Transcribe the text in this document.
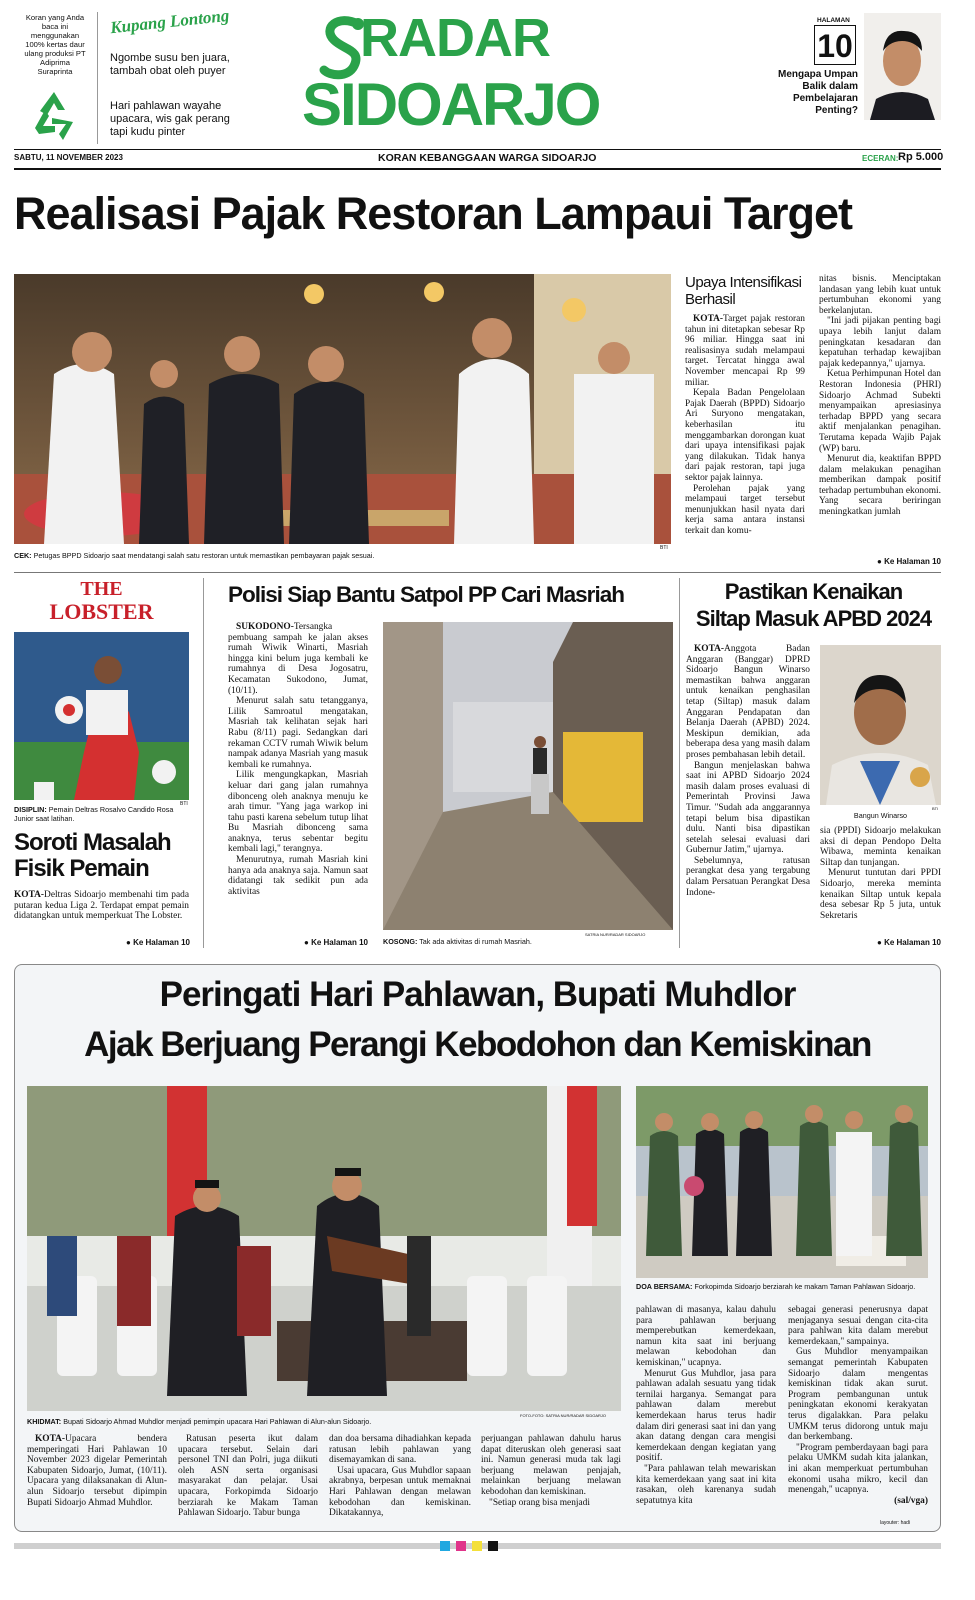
Koran yang Anda baca ini menggunakan 100% kertas daur ulang produksi PT Adiprima Suraprinta
Kupang Lontong
Ngombe susu ben juara, tambah obat oleh puyer
Hari pahlawan wayahe upacara, wis gak perang tapi kudu pinter
RADAR
SIDOARJO
HALAMAN
10
Mengapa Umpan Balik dalam Pembelajaran Penting?
SABTU, 11 NOVEMBER 2023	KORAN KEBANGGAAN WARGA SIDOARJO	ECERAN: Rp 5.000
Realisasi Pajak Restoran Lampaui Target
CEK: Petugas BPPD Sidoarjo saat mendatangi salah satu restoran untuk memastikan pembayaran pajak sesuai.
BTI
Upaya Intensifikasi Berhasil

KOTA-Target pajak restoran tahun ini ditetapkan sebesar Rp 96 miliar. Hingga saat ini realisasinya sudah melampaui target. Tercatat hingga awal November mencapai Rp 99 miliar.

Kepala Badan Pengelolaan Pajak Daerah (BPPD) Sidoarjo Ari Suryono mengatakan, keberhasilan itu menggambarkan dorongan kuat dari upaya intensifikasi pajak yang dilakukan. Tidak hanya dari pajak restoran, tapi juga sektor pajak lainnya.

Perolehan pajak yang melampaui target tersebut menunjukkan hasil nyata dari kerja sama antara instansi terkait dan komu-

nitas bisnis. Menciptakan landasan yang lebih kuat untuk pertumbuhan ekonomi yang berkelanjutan.

"Ini jadi pijakan penting bagi upaya lebih lanjut dalam peningkatan kesadaran dan kepatuhan terhadap kewajiban pajak kedepannya," ujarnya.

Ketua Perhimpunan Hotel dan Restoran Indonesia (PHRI) Sidoarjo Achmad Subekti menyampaikan apresiasinya terhadap BPPD yang secara aktif menjalankan penagihan. Terutama kepada Wajib Pajak (WP) baru.

Menurut dia, keaktifan BPPD dalam melakukan penagihan memberikan dampak positif terhadap pertumbuhan ekonomi. Yang secara beriringan meningkatkan jumlah

● Ke Halaman 10
THE
LOBSTER
DISIPLIN: Pemain Deltras Rosalvo Candido Rosa Junior saat latihan.
BTI
Soroti Masalah Fisik Pemain

KOTA-Deltras Sidoarjo membenahi tim pada putaran kedua Liga 2. Terdapat empat pemain didatangkan untuk memperkuat The Lobster.

● Ke Halaman 10
Polisi Siap Bantu Satpol PP Cari Masriah

SUKODONO-Tersangka pembuang sampah ke jalan akses rumah Wiwik Winarti, Masriah hingga kini belum juga kembali ke rumahnya di Desa Jogosatru, Kecamatan Sukodono, Jumat, (10/11).

Menurut salah satu tetangganya, Lilik Samroatul mengatakan, Masriah tak kelihatan sejak hari Rabu (8/11) pagi. Sedangkan dari rekaman CCTV rumah Wiwik belum nampak adanya Masriah yang masuk kembali ke rumahnya.

Lilik mengungkapkan, Masriah keluar dari gang jalan rumahnya dibonceng oleh anaknya menuju ke arah timur. "Yang jaga warkop ini tahu pasti karena sebelum tutup lihat Bu Masriah dibonceng sama anaknya, terus sebentar begitu kembali lagi," terangnya.

Menurutnya, rumah Masriah kini hanya ada anaknya saja. Namun saat didatangi tak sedikit pun ada aktivitas

● Ke Halaman 10 KOSONG: Tak ada aktivitas di rumah Masriah.
SATRIA NUR/RADAR SIDOARJO
Pastikan Kenaikan
Siltap Masuk APBD 2024

KOTA-Anggota Badan Anggaran (Banggar) DPRD Sidoarjo Bangun Winarso memastikan bahwa anggaran untuk kenaikan penghasilan tetap (Siltap) masuk dalam Anggaran Pendapatan dan Belanja Daerah (APBD) 2024. Meskipun demikian, ada beberapa desa yang masih dalam proses pembahasan lebih detail.

Bangun menjelaskan bahwa saat ini APBD Sidoarjo 2024 masih dalam proses evaluasi di Pemerintah Provinsi Jawa Timur. "Sudah ada anggarannya tetapi belum bisa dipastikan dulu. Nanti bisa dipastikan setelah selesai evaluasi dari Gubernur Jatim," ujarnya.

Sebelumnya, ratusan perangkat desa yang tergabung dalam Persatuan Perangkat Desa Indone-

Bangun Winarso
BTI

sia (PPDI) Sidoarjo melakukan aksi di depan Pendopo Delta Wibawa, meminta kenaikan Siltap dan tunjangan.

Menurut tuntutan dari PPDI Sidoarjo, mereka meminta kenaikan Siltap untuk kepala desa sebesar Rp 5 juta, untuk Sekretaris

● Ke Halaman 10
Peringati Hari Pahlawan, Bupati Muhdlor
Ajak Berjuang Perangi Kebodohon dan Kemiskinan
KHIDMAT: Bupati Sidoarjo Ahmad Muhdlor menjadi pemimpin upacara Hari Pahlawan di Alun-alun Sidoarjo.
FOTO-FOTO: SATRIA NUR/RADAR SIDOARJO
DOA BERSAMA: Forkopimda Sidoarjo berziarah ke makam Taman Pahlawan Sidoarjo.

KOTA-Upacara bendera memperingati Hari Pahlawan 10 November 2023 digelar Pemerintah Kabupaten Sidoarjo, Jumat, (10/11). Upacara yang dilaksanakan di Alun-alun Sidoarjo tersebut dipimpin Bupati Sidoarjo Ahmad Muhdlor.

Ratusan peserta ikut dalam upacara tersebut. Selain dari personel TNI dan Polri, juga diikuti oleh ASN serta organisasi masyarakat dan pelajar. Usai upacara, Forkopimda Sidoarjo berziarah ke Makam Taman Pahlawan Sidoarjo. Tabur bunga

dan doa bersama dihadiahkan kepada ratusan lebih pahlawan yang disemayamkan di sana.

Usai upacara, Gus Muhdlor sapaan akrabnya, berpesan untuk memaknai Hari Pahlawan dengan melawan kebodohan dan kemiskinan. Dikatakannya,

perjuangan pahlawan dahulu harus dapat diteruskan oleh generasi saat ini. Namun generasi muda tak lagi berjuang melawan penjajah, melainkan berjuang melawan kebodohan dan kemiskinan.

"Setiap orang bisa menjadi

pahlawan di masanya, kalau dahulu para pahlawan berjuang memperebutkan kemerdekaan, namun kita saat ini berjuang melawan kebodohan dan kemiskinan," ucapnya.

Menurut Gus Muhdlor, jasa para pahlawan adalah sesuatu yang tidak ternilai harganya. Semangat para pahlawan dalam merebut kemerdekaan harus terus hadir dalam diri generasi saat ini dan yang akan datang dengan cara mengisi kemerdekaan dengan kegiatan yang positif.

"Para pahlawan telah mewariskan kita kemerdekaan yang saat ini kita rasakan, oleh karenanya sudah sepatutnya kita

sebagai generasi penerusnya dapat menjaganya sesuai dengan cita-cita para pahlwan kita dalam merebut kemerdekaan," sampainya.

Gus Muhdlor menyampaikan semangat pemerintah Kabupaten Sidoarjo dalam mengentas kemiskinan tidak akan surut. Program pembangunan untuk peningkatan ekonomi kerakyatan terus digalakkan. Para pelaku UMKM terus didorong untuk maju dan berkembang.

"Program pemberdayaan bagi para pelaku UMKM sudah kita jalankan, ini akan memperkuat pertumbuhan ekonomi usaha mikro, kecil dan menengah," ucapnya.

(sal/vga)

layouter: hadi
